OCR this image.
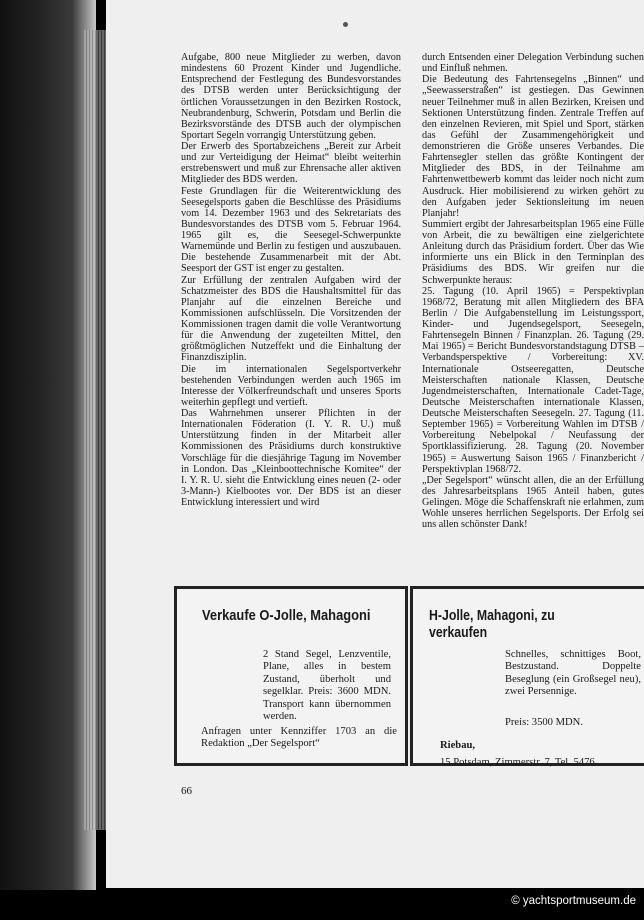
Aufgabe, 800 neue Mitglieder zu werben, davon mindestens 60 Prozent Kinder und Jugendliche. Entsprechend der Festlegung des Bundesvorstandes des DTSB werden unter Berücksichtigung der örtlichen Voraussetzungen in den Bezirken Rostock, Neubrandenburg, Schwerin, Potsdam und Berlin die Bezirksvorstände des DTSB auch der olympischen Sportart Segeln vorrangig Unterstützung geben.

Der Erwerb des Sportabzeichens „Bereit zur Arbeit und zur Verteidigung der Heimat“ bleibt weiterhin erstrebenswert und muß zur Ehrensache aller aktiven Mitglieder des BDS werden.

Feste Grundlagen für die Weiterentwicklung des Seesegelsports gaben die Beschlüsse des Präsidiums vom 14. Dezember 1963 und des Sekretariats des Bundesvorstandes des DTSB vom 5. Februar 1964. 1965 gilt es, die Seesegel-Schwerpunkte Warnemünde und Berlin zu festigen und auszubauen. Die bestehende Zusammenarbeit mit der Abt. Seesport der GST ist enger zu gestalten.

Zur Erfüllung der zentralen Aufgaben wird der Schatzmeister des BDS die Haushaltsmittel für das Planjahr auf die einzelnen Bereiche und Kommissionen aufschlüsseln. Die Vorsitzenden der Kommissionen tragen damit die volle Verantwortung für die Anwendung der zugeteilten Mittel, den größtmöglichen Nutzeffekt und die Einhaltung der Finanzdisziplin.

Die im internationalen Segelsportverkehr bestehenden Verbindungen werden auch 1965 im Interesse der Völkerfreundschaft und unseres Sports weiterhin gepflegt und vertieft.

Das Wahrnehmen unserer Pflichten in der Internationalen Föderation (I. Y. R. U.) muß Unterstützung finden in der Mitarbeit aller Kommissionen des Präsidiums durch konstruktive Vorschläge für die diesjährige Tagung im November in London. Das „Kleinboottechnische Komitee“ der I. Y. R. U. sieht die Entwicklung eines neuen (2- oder 3-Mann-) Kielbootes vor. Der BDS ist an dieser Entwicklung interessiert und wird

durch Entsenden einer Delegation Verbindung suchen und Einfluß nehmen.

Die Bedeutung des Fahrtensegelns „Binnen“ und „Seewasserstraßen“ ist gestiegen. Das Gewinnen neuer Teilnehmer muß in allen Bezirken, Kreisen und Sektionen Unterstützung finden. Zentrale Treffen auf den einzelnen Revieren, mit Spiel und Sport, stärken das Gefühl der Zusammengehörigkeit und demonstrieren die Größe unseres Verbandes. Die Fahrtensegler stellen das größte Kontingent der Mitglieder des BDS, in der Teilnahme am Fahrtenwettbewerb kommt das leider noch nicht zum Ausdruck. Hier mobilisierend zu wirken gehört zu den Aufgaben jeder Sektionsleitung im neuen Planjahr!

Summiert ergibt der Jahresarbeitsplan 1965 eine Fülle von Arbeit, die zu bewältigen eine zielgerichtete Anleitung durch das Präsidium fordert. Über das Wie informierte uns ein Blick in den Terminplan des Präsidiums des BDS. Wir greifen nur die Schwerpunkte heraus:

25. Tagung (10. April 1965) = Perspektivplan 1968/72, Beratung mit allen Mitgliedern des BFA Berlin / Die Aufgabenstellung im Leistungssport, Kinder- und Jugendsegelsport, Seesegeln, Fahrtensegeln Binnen / Finanzplan. 26. Tagung (29. Mai 1965) = Bericht Bundesvorstandstagung DTSB – Verbandsperspektive / Vorbereitung: XV. Internationale Ostseeregatten, Deutsche Meisterschaften nationale Klassen, Deutsche Jugendmeisterschaften, Internationale Cadet-Tage, Deutsche Meisterschaften internationale Klassen, Deutsche Meisterschaften Seesegeln. 27. Tagung (11. September 1965) = Vorbereitung Wahlen im DTSB / Vorbereitung Nebelpokal / Neufassung der Sportklassifizierung. 28. Tagung (20. November 1965) = Auswertung Saison 1965 / Finanzbericht / Perspektivplan 1968/72.

„Der Segelsport“ wünscht allen, die an der Erfüllung des Jahresarbeitsplans 1965 Anteil haben, gutes Gelingen. Möge die Schaffenskraft nie erlahmen, zum Wohle unseres herrlichen Segelsports. Der Erfolg sei uns allen schönster Dank!

Verkaufe O-Jolle, Mahagoni

2 Stand Segel, Lenzventile, Plane, alles in bestem Zustand, überholt und segelklar. Preis: 3600 MDN. Transport kann übernommen werden.

Anfragen unter Kennziffer 1703 an die Redaktion „Der Segelsport“

H-Jolle, Mahagoni, zu verkaufen

Schnelles, schnittiges Boot, Bestzustand. Doppelte Beseglung (ein Großsegel neu), zwei Persennige.

Preis: 3500 MDN.

Riebau,

15 Potsdam, Zimmerstr. 7, Tel. 5476

66

© yachtsportmuseum.de
